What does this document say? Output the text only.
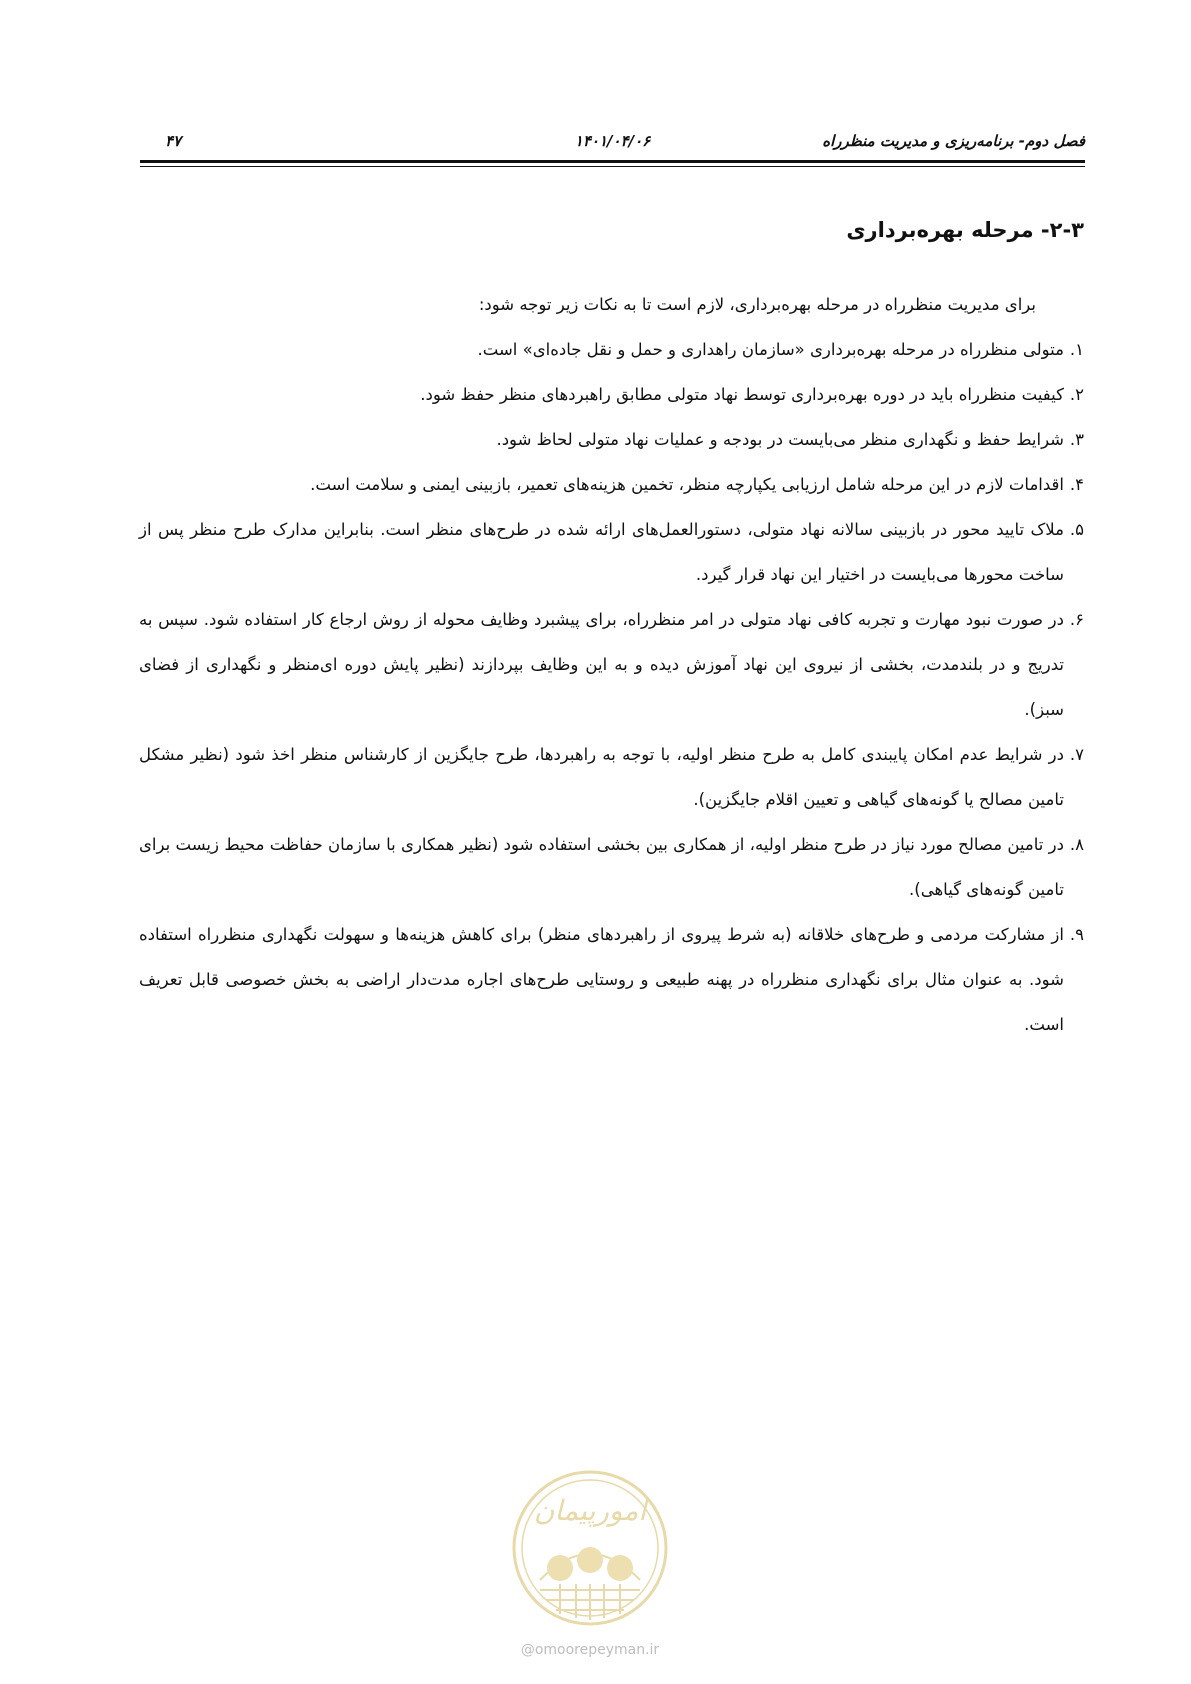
فصل دوم- برنامه‌ریزی و مدیریت منظرراه
۱۴۰۱/۰۴/۰۶
۴۷
۲-۳- مرحله بهره‌برداری
برای مدیریت منظرراه در مرحله بهره‌برداری، لازم است تا به نکات زیر توجه شود:
۱.
متولی منظرراه در مرحله بهره‌برداری «سازمان راهداری و حمل و نقل جاده‌ای» است.
۲.
کیفیت منظرراه باید در دوره بهره‌برداری توسط نهاد متولی مطابق راهبردهای منظر حفظ شود.
۳.
شرایط حفظ و نگهداری منظر می‌بایست در بودجه و عملیات نهاد متولی لحاظ شود.
۴.
اقدامات لازم در این مرحله شامل ارزیابی یکپارچه منظر، تخمین هزینه‌های تعمیر، بازبینی ایمنی و سلامت است.
۵.
ملاک تایید محور در بازبینی سالانه نهاد متولی، دستورالعمل‌های ارائه شده در طرح‌های منظر است. بنابراین مدارک طرح منظر پس از ساخت محورها می‌بایست در اختیار این نهاد قرار گیرد.
۶.
در صورت نبود مهارت و تجربه کافی نهاد متولی در امر منظرراه، برای پیشبرد وظایف محوله از روش ارجاع کار استفاده شود. سپس به تدریج و در بلندمدت، بخشی از نیروی این نهاد آموزش دیده و به این وظایف بپردازند (نظیر پایش دوره ای‌منظر و نگهداری از فضای سبز).
۷.
در شرایط عدم امکان پایبندی کامل به طرح منظر اولیه، با توجه به راهبردها، طرح جایگزین از کارشناس منظر اخذ شود (نظیر مشکل تامین مصالح یا گونه‌های گیاهی و تعیین اقلام جایگزین).
۸.
در تامین مصالح مورد نیاز در طرح منظر اولیه، از همکاری بین بخشی استفاده شود (نظیر همکاری با سازمان حفاظت محیط زیست برای تامین گونه‌های گیاهی).
۹.
از مشارکت مردمی و طرح‌های خلاقانه (به شرط پیروی از راهبردهای منظر) برای کاهش هزینه‌ها و سهولت نگهداری منظرراه استفاده شود. به عنوان مثال برای نگهداری منظرراه در پهنه طبیعی و روستایی طرح‌های اجاره مدت‌دار اراضی به بخش خصوصی قابل تعریف است.
امورپیمان
@omoorepeyman.ir
